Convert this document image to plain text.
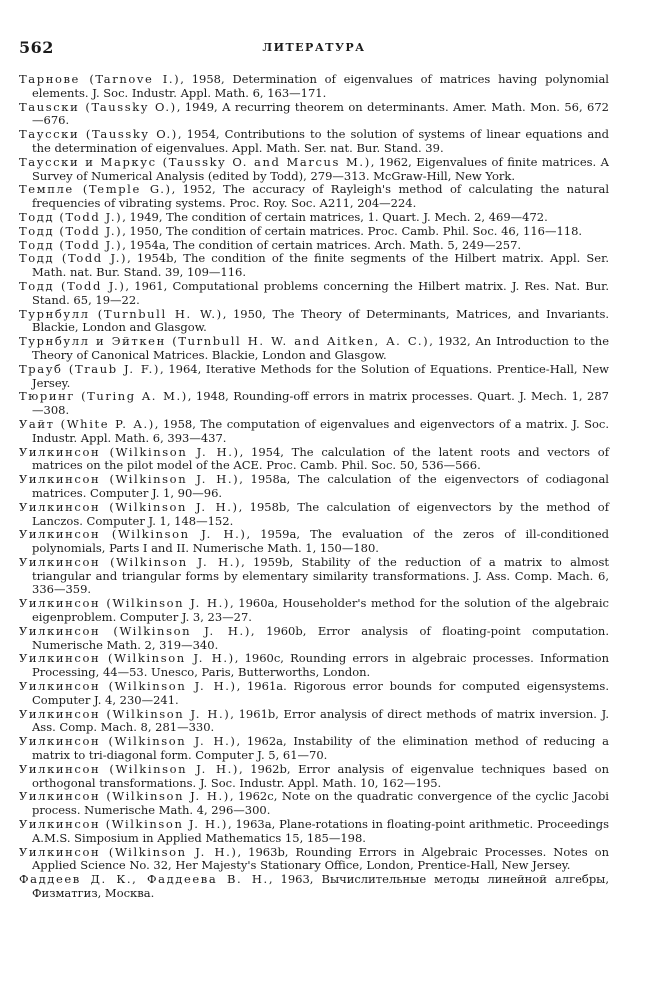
562	ЛИТЕРАТУРА
Тарнове (Tarnove I.), 1958, Determination of eigenvalues of matrices having polynomial elements. J. Soc. Industr. Appl. Math. 6, 163—171.
Тausски (Taussky O.), 1949, A recurring theorem on determinants. Amer. Math. Mon. 56, 672—676.
Таусски (Taussky O.), 1954, Contributions to the solution of systems of linear equations and the determination of eigenvalues. Appl. Math. Ser. nat. Bur. Stand. 39.
Таусски и Маркус (Taussky O. and Marcus M.), 1962, Eigenvalues of finite matrices. A Survey of Numerical Analysis (edited by Todd), 279—313. McGraw-Hill, New York.
Темпле (Temple G.), 1952, The accuracy of Rayleigh's method of calculating the natural frequencies of vibrating systems. Proc. Roy. Soc. A211, 204—224.
Тодд (Todd J.), 1949, The condition of certain matrices, 1. Quart. J. Mech. 2, 469—472.
Тодд (Todd J.), 1950, The condition of certain matrices. Proc. Camb. Phil. Soc. 46, 116—118.
Тодд (Todd J.), 1954a, The condition of certain matrices. Arch. Math. 5, 249—257.
Тодд (Todd J.), 1954b, The condition of the finite segments of the Hilbert matrix. Appl. Ser. Math. nat. Bur. Stand. 39, 109—116.
Тодд (Todd J.), 1961, Computational problems concerning the Hilbert matrix. J. Res. Nat. Bur. Stand. 65, 19—22.
Турнбулл (Turnbull H. W.), 1950, The Theory of Determinants, Matrices, and Invariants. Blackie, London and Glasgow.
Турнбулл и Эйткен (Turnbull H. W. and Aitken, A. C.), 1932, An Introduction to the Theory of Canonical Matrices. Blackie, London and Glasgow.
Трауб (Traub J. F.), 1964, Iterative Methods for the Solution of Equations. Prentice-Hall, New Jersey.
Тюринг (Turing A. M.), 1948, Rounding-off errors in matrix processes. Quart. J. Mech. 1, 287—308.
Уайт (White P. A.), 1958, The computation of eigenvalues and eigenvectors of a matrix. J. Soc. Industr. Appl. Math. 6, 393—437.
Уилкинсон (Wilkinson J. H.), 1954, The calculation of the latent roots and vectors of matrices on the pilot model of the ACE. Proc. Camb. Phil. Soc. 50, 536—566.
Уилкинсон (Wilkinson J. H.), 1958a, The calculation of the eigenvectors of codiagonal matrices. Computer J. 1, 90—96.
Уилкинсон (Wilkinson J. H.), 1958b, The calculation of eigenvectors by the method of Lanczos. Computer J. 1, 148—152.
Уилкинсон (Wilkinson J. H.), 1959a, The evaluation of the zeros of ill-conditioned polynomials, Parts I and II. Numerische Math. 1, 150—180.
Уилкинсон (Wilkinson J. H.), 1959b, Stability of the reduction of a matrix to almost triangular and triangular forms by elementary similarity transformations. J. Ass. Comp. Mach. 6, 336—359.
Уилкинсон (Wilkinson J. H.), 1960a, Householder's method for the solution of the algebraic eigenproblem. Computer J. 3, 23—27.
Уилкинсон (Wilkinson J. H.), 1960b, Error analysis of floating-point computation. Numerische Math. 2, 319—340.
Уилкинсон (Wilkinson J. H.), 1960c, Rounding errors in algebraic processes. Information Processing, 44—53. Unesco, Paris, Butterworths, London.
Уилкинсон (Wilkinson J. H.), 1961a. Rigorous error bounds for computed eigensystems. Computer J. 4, 230—241.
Уилкинсон (Wilkinson J. H.), 1961b, Error analysis of direct methods of matrix inversion. J. Ass. Comp. Mach. 8, 281—330.
Уилкинсон (Wilkinson J. H.), 1962a, Instability of the elimination method of reducing a matrix to tri-diagonal form. Computer J. 5, 61—70.
Уилкинсон (Wilkinson J. H.), 1962b, Error analysis of eigenvalue techniques based on orthogonal transformations. J. Soc. Industr. Appl. Math. 10, 162—195.
Уилкинсон (Wilkinson J. H.), 1962c, Note on the quadratic convergence of the cyclic Jacobi process. Numerische Math. 4, 296—300.
Уилкинсон (Wilkinson J. H.), 1963a, Plane-rotations in floating-point arithmetic. Proceedings A.M.S. Simposium in Applied Mathematics 15, 185—198.
Уилкинсон (Wilkinson J. H.), 1963b, Rounding Errors in Algebraic Processes. Notes on Applied Science No. 32, Her Majesty's Stationary Office, London, Prentice-Hall, New Jersey.
Фаддеев Д. К., Фаддеева В. Н., 1963, Вычислительные методы линейной алгебры, Физматгиз, Москва.
